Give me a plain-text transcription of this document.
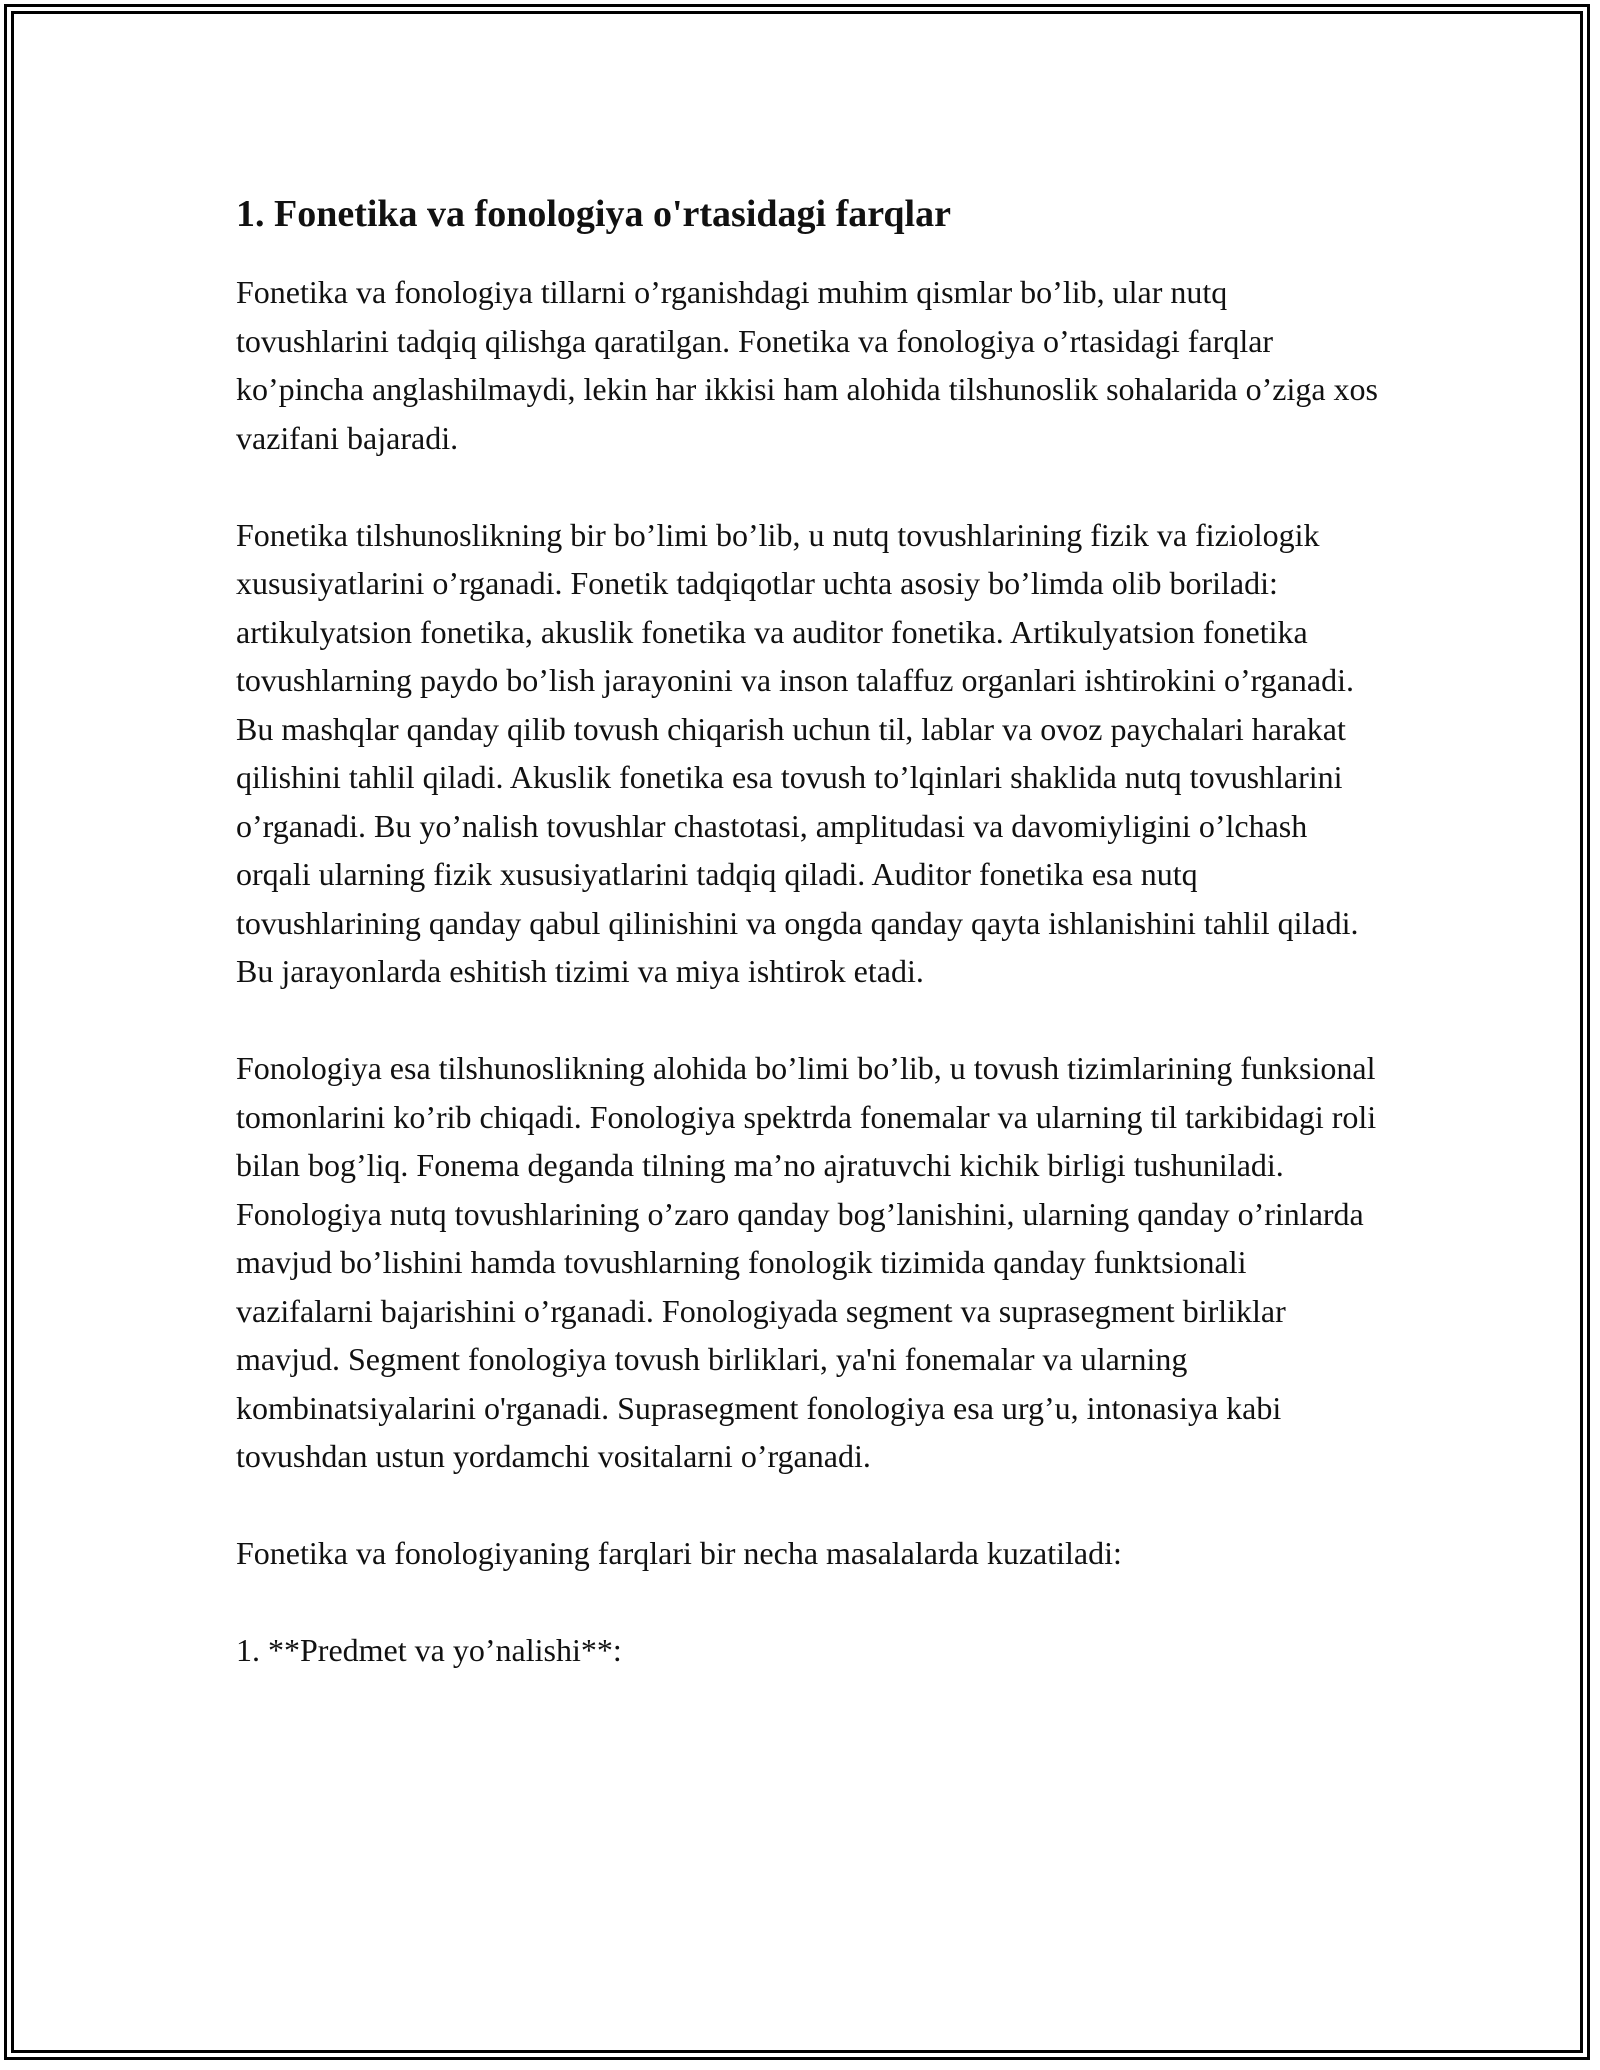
1. Fonetika va fonologiya o'rtasidagi farqlar

Fonetika va fonologiya tillarni o’rganishdagi muhim qismlar bo’lib, ular nutq tovushlarini tadqiq qilishga qaratilgan. Fonetika va fonologiya o’rtasidagi farqlar ko’pincha anglashilmaydi, lekin har ikkisi ham alohida tilshunoslik sohalarida o’ziga xos vazifani bajaradi.

Fonetika tilshunoslikning bir bo’limi bo’lib, u nutq tovushlarining fizik va fiziologik xususiyatlarini o’rganadi. Fonetik tadqiqotlar uchta asosiy bo’limda olib boriladi: artikulyatsion fonetika, akuslik fonetika va auditor fonetika. Artikulyatsion fonetika tovushlarning paydo bo’lish jarayonini va inson talaffuz organlari ishtirokini o’rganadi. Bu mashqlar qanday qilib tovush chiqarish uchun til, lablar va ovoz paychalari harakat qilishini tahlil qiladi. Akuslik fonetika esa tovush to’lqinlari shaklida nutq tovushlarini o’rganadi. Bu yo’nalish tovushlar chastotasi, amplitudasi va davomiyligini o’lchash orqali ularning fizik xususiyatlarini tadqiq qiladi. Auditor fonetika esa nutq tovushlarining qanday qabul qilinishini va ongda qanday qayta ishlanishini tahlil qiladi. Bu jarayonlarda eshitish tizimi va miya ishtirok etadi.

Fonologiya esa tilshunoslikning alohida bo’limi bo’lib, u tovush tizimlarining funksional tomonlarini ko’rib chiqadi. Fonologiya spektrda fonemalar va ularning til tarkibidagi roli bilan bog’liq. Fonema deganda tilning ma’no ajratuvchi kichik birligi tushuniladi. Fonologiya nutq tovushlarining o’zaro qanday bog’lanishini, ularning qanday o’rinlarda mavjud bo’lishini hamda tovushlarning fonologik tizimida qanday funktsionali vazifalarni bajarishini o’rganadi. Fonologiyada segment va suprasegment birliklar mavjud. Segment fonologiya tovush birliklari, ya'ni fonemalar va ularning kombinatsiyalarini o'rganadi. Suprasegment fonologiya esa urg’u, intonasiya kabi tovushdan ustun yordamchi vositalarni o’rganadi.

Fonetika va fonologiyaning farqlari bir necha masalalarda kuzatiladi:

1. **Predmet va yo’nalishi**:
